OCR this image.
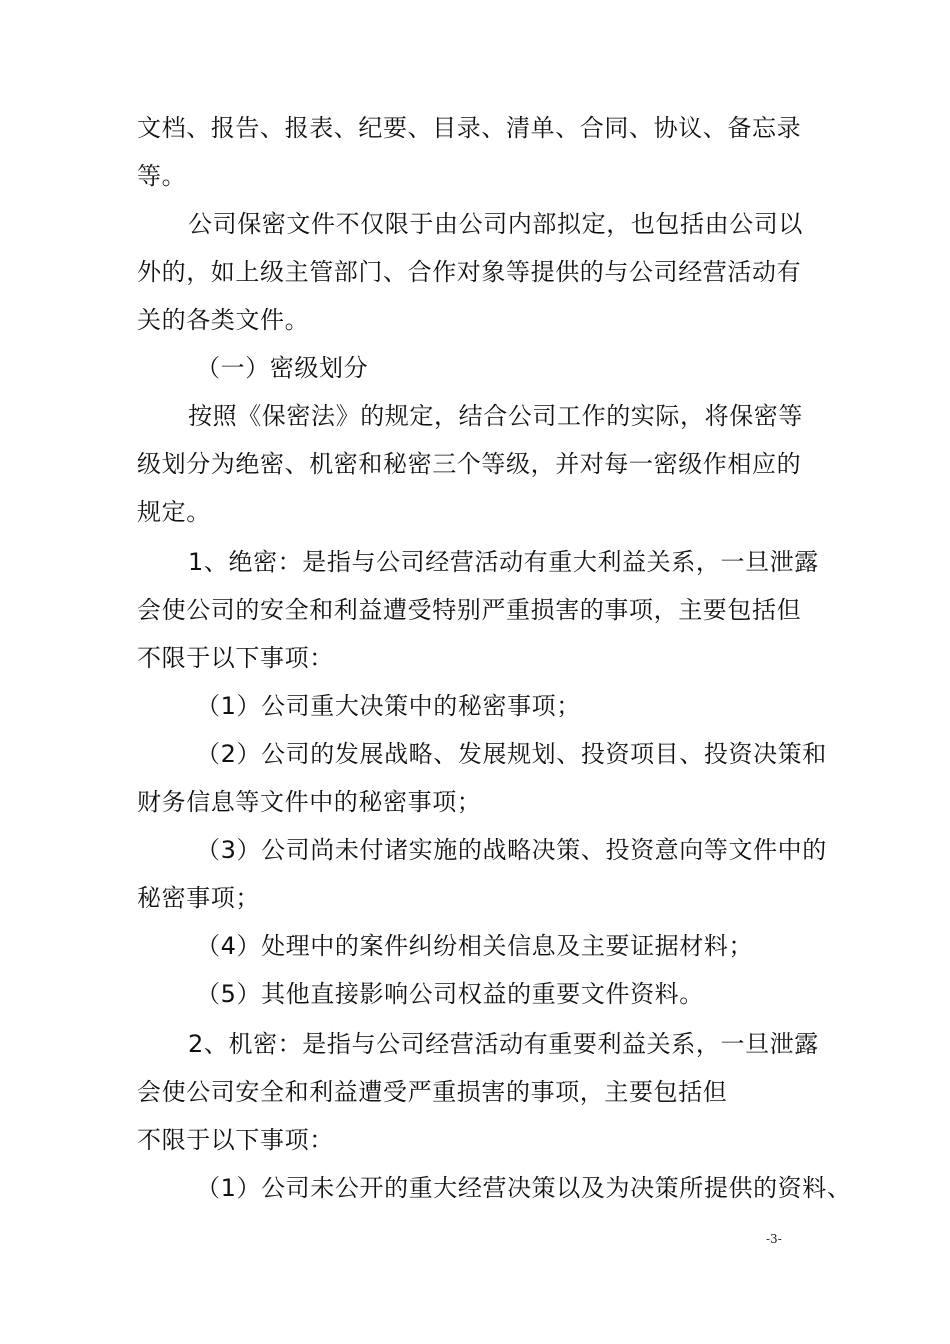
文档、报告、报表、纪要、目录、清单、合同、协议、备忘录

等。

公司保密文件不仅限于由公司内部拟定，也包括由公司以

外的，如上级主管部门、合作对象等提供的与公司经营活动有

关的各类文件。

（一）密级划分

按照《保密法》的规定，结合公司工作的实际，将保密等

级划分为绝密、机密和秘密三个等级，并对每一密级作相应的

规定。

1、绝密：是指与公司经营活动有重大利益关系，一旦泄露

会使公司的安全和利益遭受特别严重损害的事项，主要包括但

不限于以下事项：

（1）公司重大决策中的秘密事项；

（2）公司的发展战略、发展规划、投资项目、投资决策和

财务信息等文件中的秘密事项；

（3）公司尚未付诸实施的战略决策、投资意向等文件中的

秘密事项；

（4）处理中的案件纠纷相关信息及主要证据材料；

（5）其他直接影响公司权益的重要文件资料。

2、机密：是指与公司经营活动有重要利益关系，一旦泄露

会使公司安全和利益遭受严重损害的事项，主要包括但

不限于以下事项：

（1）公司未公开的重大经营决策以及为决策所提供的资料、

-3-
